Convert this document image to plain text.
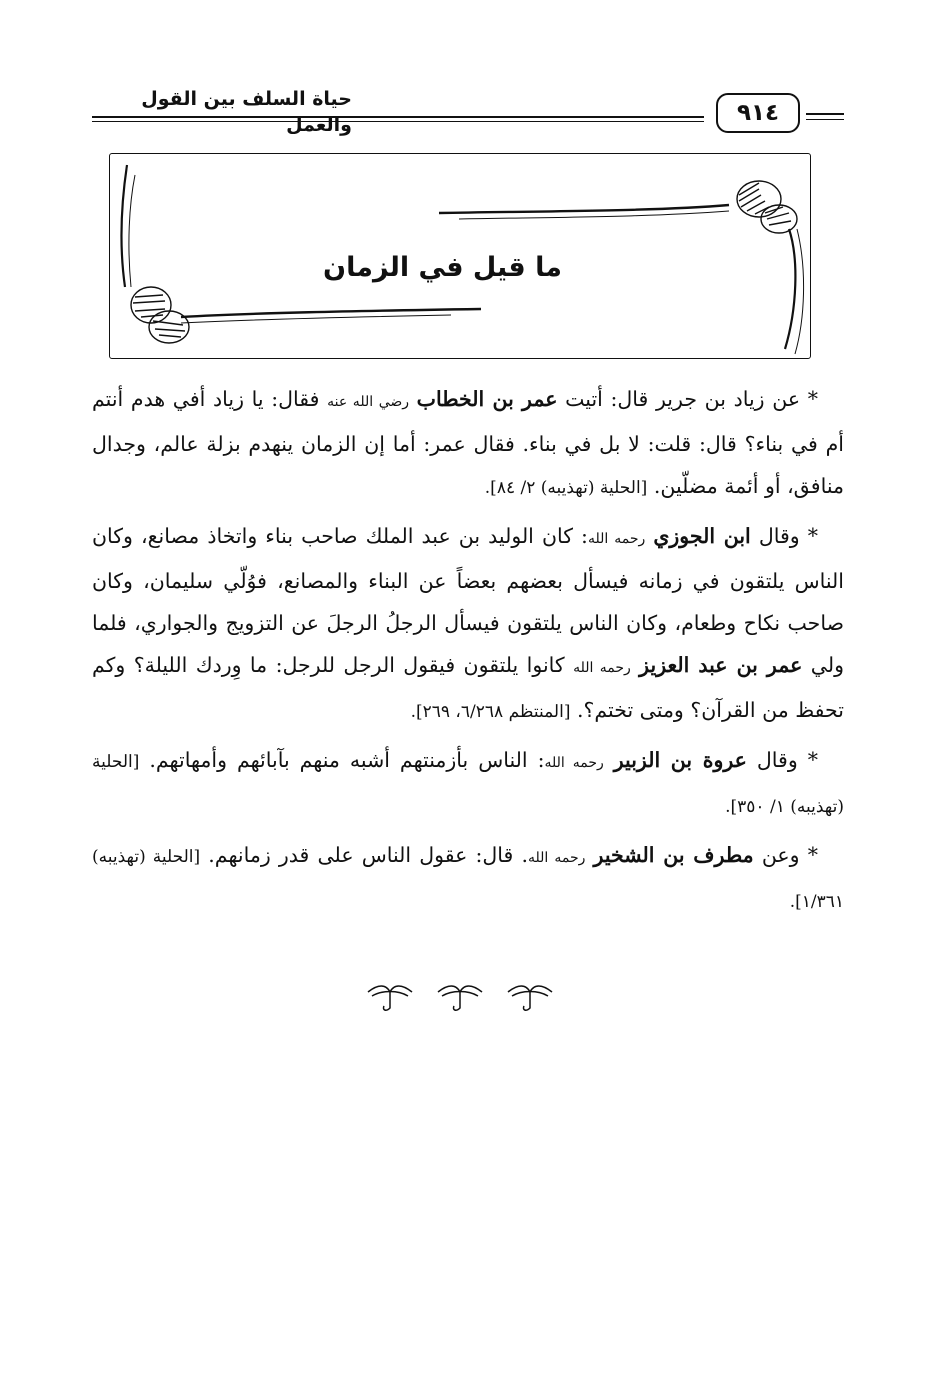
حياة السلف بين القول والعمل	٩١٤
ما قيل في الزمان

* عن زياد بن جرير قال: أتيت عمر بن الخطاب رضي الله عنه فقال: يا زياد أفي هدم أنتم أم في بناء؟ قال: قلت: لا بل في بناء. فقال عمر: أما إن الزمان ينهدم بزلة عالم، وجدال منافق، أو أئمة مضلّين. [الحلية (تهذيبه) ٢/ ٨٤].

* وقال ابن الجوزي رحمه الله: كان الوليد بن عبد الملك صاحب بناء واتخاذ مصانع، وكان الناس يلتقون في زمانه فيسأل بعضهم بعضاً عن البناء والمصانع، فوُلّي سليمان، وكان صاحب نكاح وطعام، وكان الناس يلتقون فيسأل الرجلُ الرجلَ عن التزويج والجواري، فلما ولي عمر بن عبد العزيز رحمه الله كانوا يلتقون فيقول الرجل للرجل: ما وِردك الليلة؟ وكم تحفظ من القرآن؟ ومتى تختم؟. [المنتظم ٦/٢٦٨، ٢٦٩].

* وقال عروة بن الزبير رحمه الله: الناس بأزمنتهم أشبه منهم بآبائهم وأمهاتهم. [الحلية (تهذيبه) ١/ ٣٥٠].

* وعن مطرف بن الشخير رحمه الله. قال: عقول الناس على قدر زمانهم. [الحلية (تهذيبه) ١/٣٦١].
